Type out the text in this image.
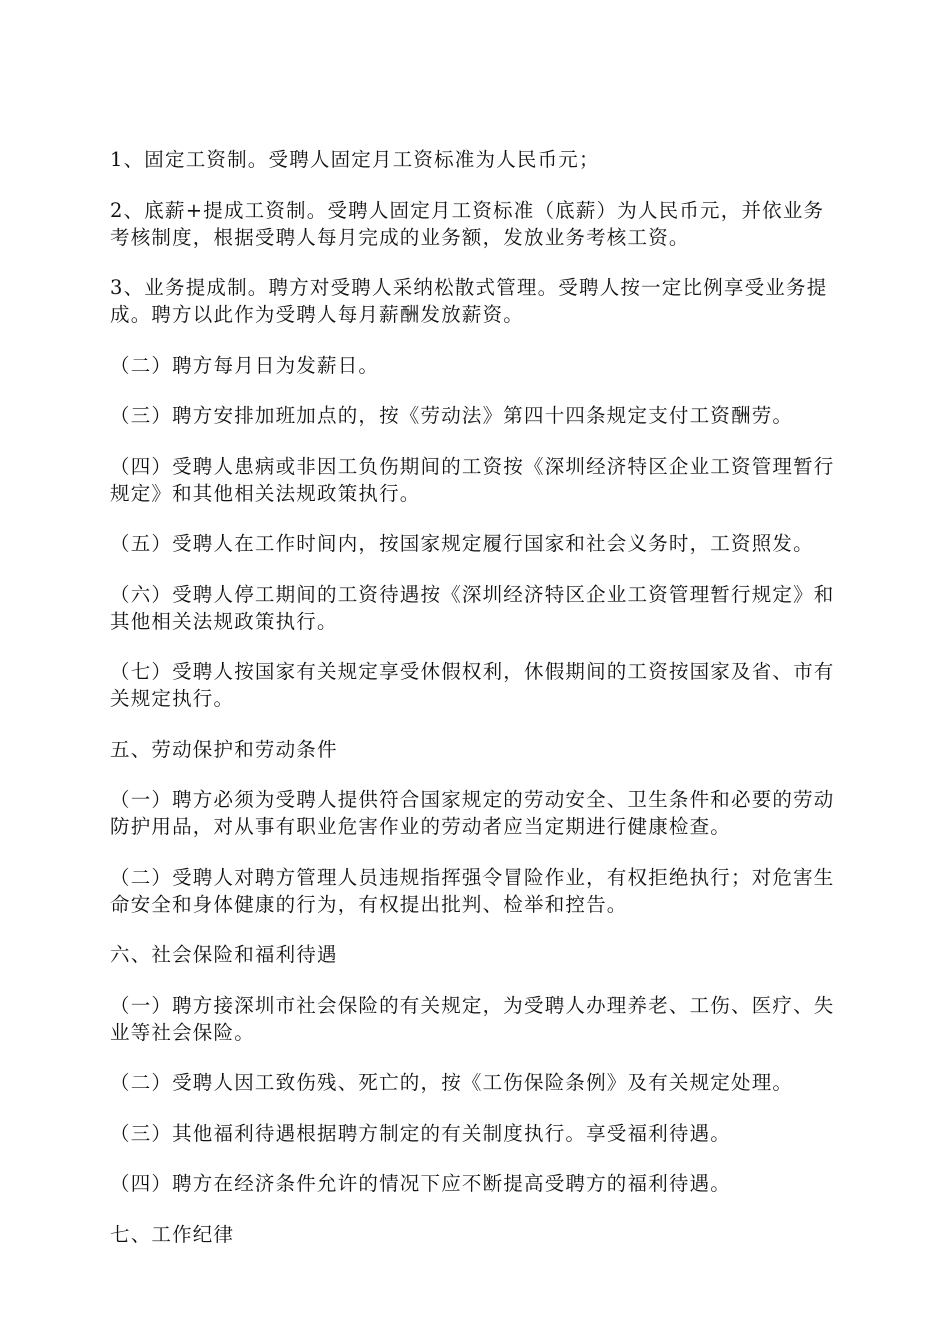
1、固定工资制。受聘人固定月工资标准为人民币元；

2、底薪+提成工资制。受聘人固定月工资标准（底薪）为人民币元，并依业务考核制度，根据受聘人每月完成的业务额，发放业务考核工资。

3、业务提成制。聘方对受聘人采纳松散式管理。受聘人按一定比例享受业务提成。聘方以此作为受聘人每月薪酬发放薪资。

（二）聘方每月日为发薪日。

（三）聘方安排加班加点的，按《劳动法》第四十四条规定支付工资酬劳。

（四）受聘人患病或非因工负伤期间的工资按《深圳经济特区企业工资管理暂行规定》和其他相关法规政策执行。

（五）受聘人在工作时间内，按国家规定履行国家和社会义务时，工资照发。

（六）受聘人停工期间的工资待遇按《深圳经济特区企业工资管理暂行规定》和其他相关法规政策执行。

（七）受聘人按国家有关规定享受休假权利，休假期间的工资按国家及省、市有关规定执行。

五、劳动保护和劳动条件

（一）聘方必须为受聘人提供符合国家规定的劳动安全、卫生条件和必要的劳动防护用品，对从事有职业危害作业的劳动者应当定期进行健康检查。

（二）受聘人对聘方管理人员违规指挥强令冒险作业，有权拒绝执行；对危害生命安全和身体健康的行为，有权提出批判、检举和控告。

六、社会保险和福利待遇

（一）聘方接深圳市社会保险的有关规定，为受聘人办理养老、工伤、医疗、失业等社会保险。

（二）受聘人因工致伤残、死亡的，按《工伤保险条例》及有关规定处理。

（三）其他福利待遇根据聘方制定的有关制度执行。享受福利待遇。

（四）聘方在经济条件允许的情况下应不断提高受聘方的福利待遇。

七、工作纪律
